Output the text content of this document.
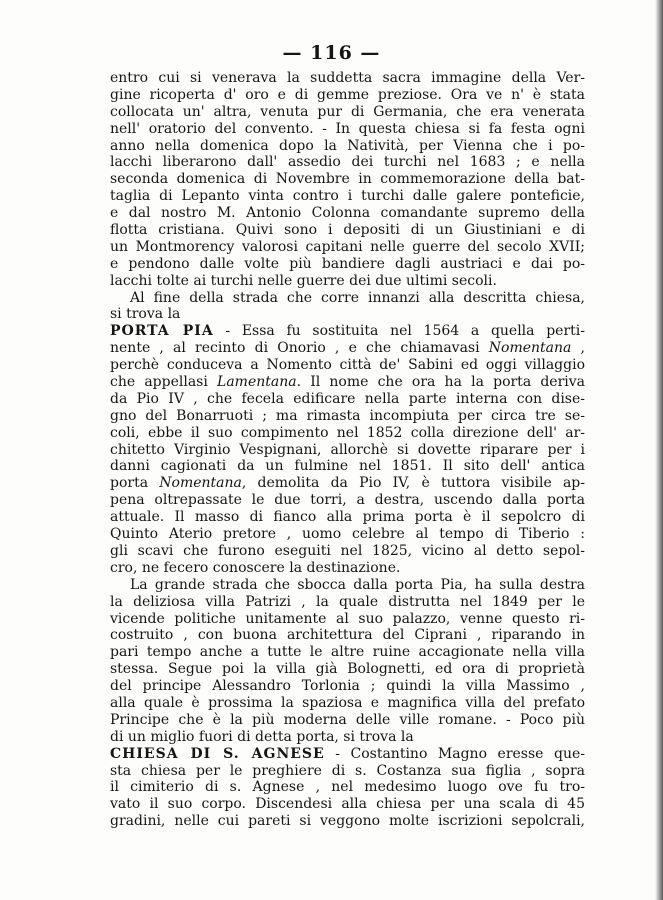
— 116 —
entro cui si venerava la suddetta sacra immagine della Ver-
gine ricoperta d' oro e di gemme preziose. Ora ve n' è stata
collocata un' altra, venuta pur di Germania, che era venerata
nell' oratorio del convento. - In questa chiesa si fa festa ogni
anno nella domenica dopo la Natività, per Vienna che i po-
lacchi liberarono dall' assedio dei turchi nel 1683 ; e nella
seconda domenica di Novembre in commemorazione della bat-
taglia di Lepanto vinta contro i turchi dalle galere ponteficie,
e dal nostro M. Antonio Colonna comandante supremo della
flotta cristiana. Quivi sono i depositi di un Giustiniani e di
un Montmorency valorosi capitani nelle guerre del secolo XVII;
e pendono dalle volte più bandiere dagli austriaci e dai po-
lacchi tolte ai turchi nelle guerre dei due ultimi secoli.
Al fine della strada che corre innanzi alla descritta chiesa,
si trova la
PORTA PIA - Essa fu sostituita nel 1564 a quella perti-
nente , al recinto di Onorio , e che chiamavasi Nomentana ,
perchè conduceva a Nomento città de' Sabini ed oggi villaggio
che appellasi Lamentana. Il nome che ora ha la porta deriva
da Pio IV , che fecela edificare nella parte interna con dise-
gno del Bonarruoti ; ma rimasta incompiuta per circa tre se-
coli, ebbe il suo compimento nel 1852 colla direzione dell' ar-
chitetto Virginio Vespignani, allorchè si dovette riparare per i
danni cagionati da un fulmine nel 1851. Il sito dell' antica
porta Nomentana, demolita da Pio IV, è tuttora visibile ap-
pena oltrepassate le due torri, a destra, uscendo dalla porta
attuale. Il masso di fianco alla prima porta è il sepolcro di
Quinto Aterio pretore , uomo celebre al tempo di Tiberio :
gli scavi che furono eseguiti nel 1825, vicino al detto sepol-
cro, ne fecero conoscere la destinazione.
La grande strada che sbocca dalla porta Pia, ha sulla destra
la deliziosa villa Patrizi , la quale distrutta nel 1849 per le
vicende politiche unitamente al suo palazzo, venne questo ri-
costruito , con buona architettura del Ciprani , riparando in
pari tempo anche a tutte le altre ruine accagionate nella villa
stessa. Segue poi la villa già Bolognetti, ed ora di proprietà
del principe Alessandro Torlonia ; quindi la villa Massimo ,
alla quale è prossima la spaziosa e magnifica villa del prefato
Principe che è la più moderna delle ville romane. - Poco più
di un miglio fuori di detta porta, si trova la
CHIESA DI S. AGNESE - Costantino Magno eresse que-
sta chiesa per le preghiere di s. Costanza sua figlia , sopra
il cimiterio di s. Agnese , nel medesimo luogo ove fu tro-
vato il suo corpo. Discendesi alla chiesa per una scala di 45
gradini, nelle cui pareti si veggono molte iscrizioni sepolcrali,
